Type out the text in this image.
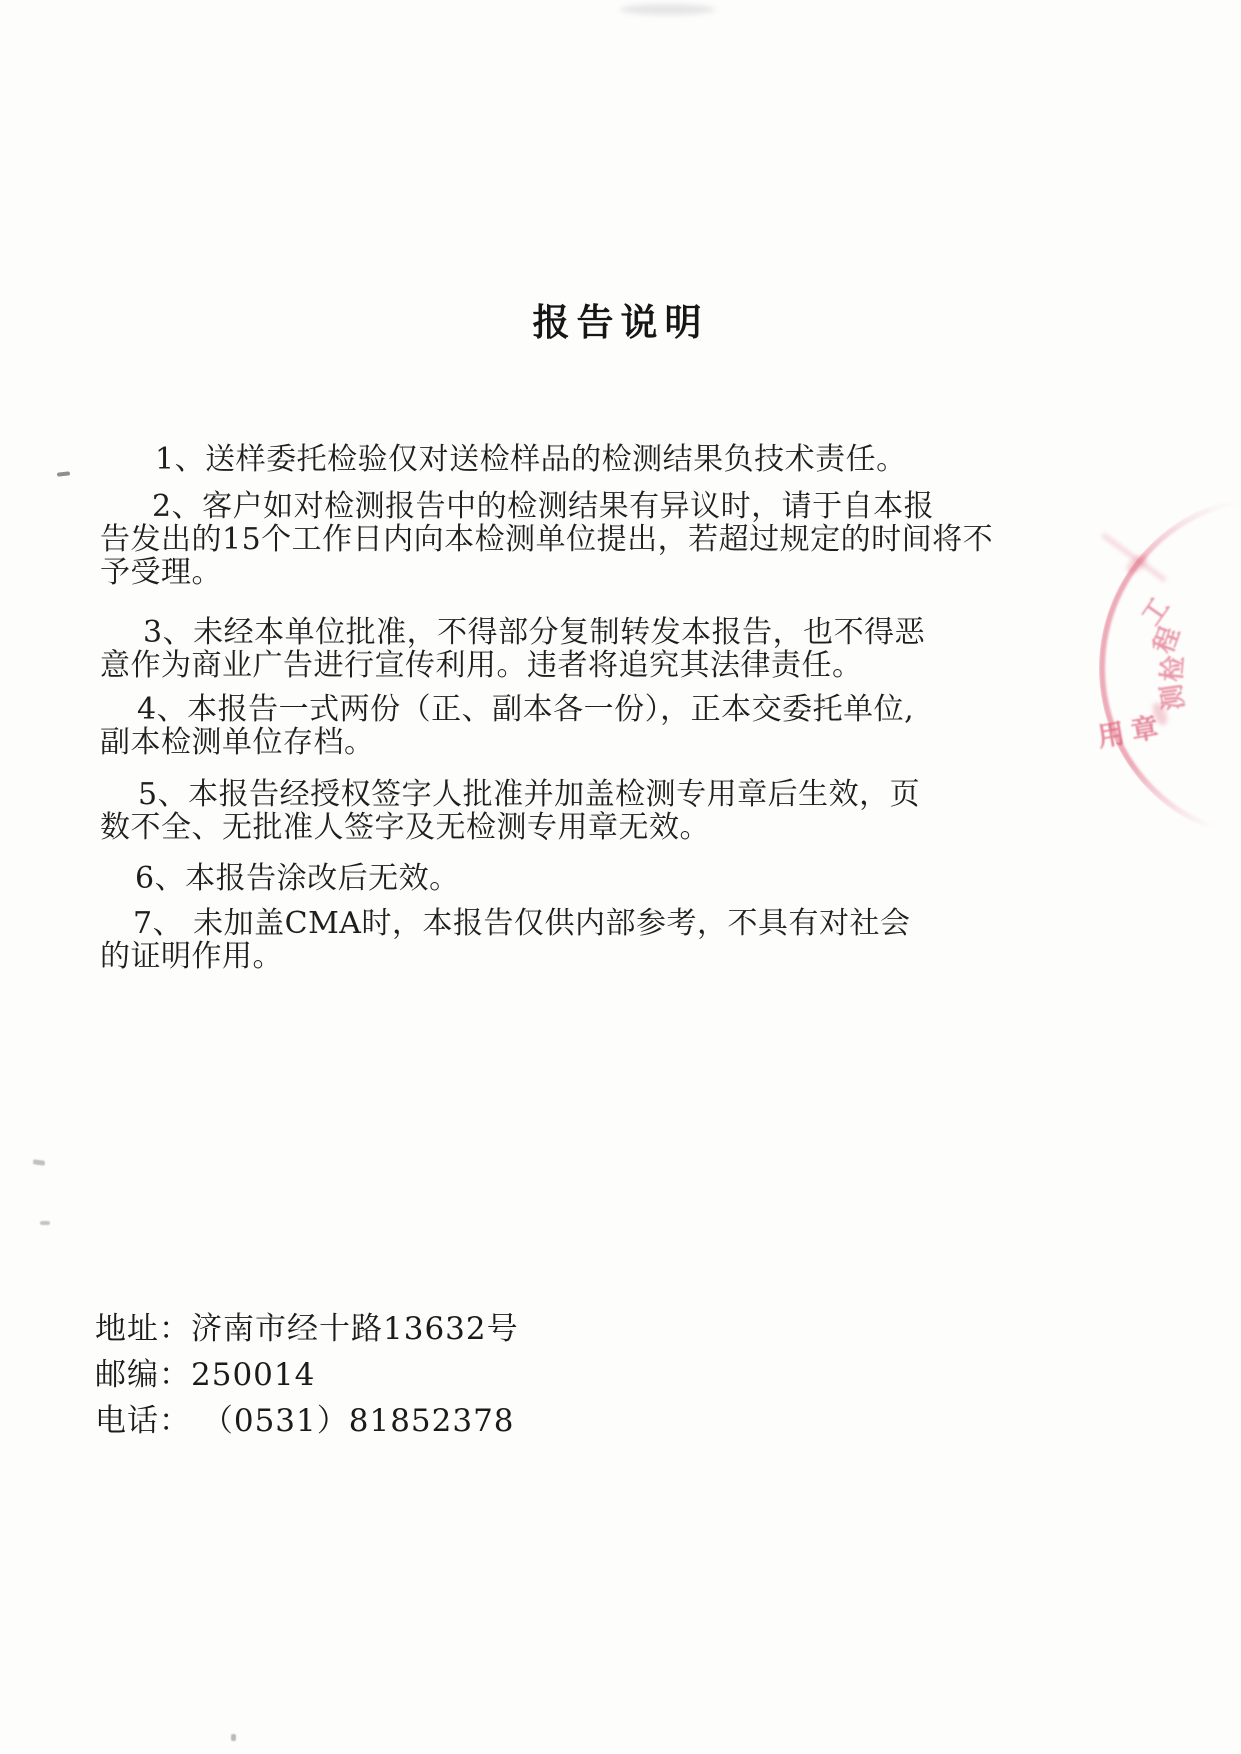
报告说明
1、送样委托检验仅对送检样品的检测结果负技术责任。
2、客户如对检测报告中的检测结果有异议时，请于自本报
告发出的15个工作日内向本检测单位提出，若超过规定的时间将不
予受理。
3、未经本单位批准，不得部分复制转发本报告，也不得恶
意作为商业广告进行宣传利用。违者将追究其法律责任。
4、本报告一式两份（正、副本各一份），正本交委托单位,
副本检测单位存档。
5、本报告经授权签字人批准并加盖检测专用章后生效，页
数不全、无批准人签字及无检测专用章无效。
6、本报告涂改后无效。
7、 未加盖CMA时，本报告仅供内部参考，不具有对社会
的证明作用。
地址：济南市经十路13632号
邮编：250014
电话： （0531）81852378
工
程
检
测
用章
